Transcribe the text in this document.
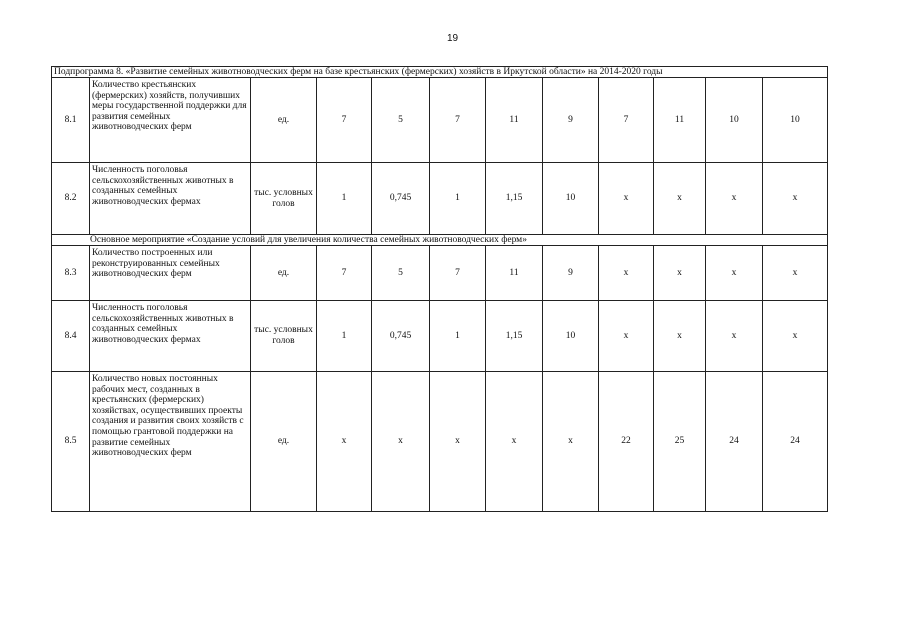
19
Подпрограмма 8. «Развитие семейных животноводческих ферм на базе крестьянских (фермерских) хозяйств в Иркутской области» на 2014-2020 годы											
8.1	Количество крестьянских (фермерских) хозяйств, получивших меры государственной поддержки для развития семейных животноводческих ферм	ед.	7	5	7	11	9	7	11	10	10
8.2	Численность поголовья сельскохозяйственных животных в созданных семейных животноводческих фермах	тыс. условных голов	1	0,745	1	1,15	10	x	x	x	x
Основное мероприятие «Создание условий для увеличения количества семейных животноводческих ферм»											
8.3	Количество построенных или реконструированных семейных животноводческих ферм	ед.	7	5	7	11	9	x	x	x	x
8.4	Численность поголовья сельскохозяйственных животных в созданных семейных животноводческих фермах	тыс. условных голов	1	0,745	1	1,15	10	x	x	x	x
8.5	Количество новых постоянных рабочих мест, созданных в крестьянских (фермерских) хозяйствах, осуществивших проекты создания и развития своих хозяйств с помощью грантовой поддержки на развитие семейных животноводческих ферм	ед.	x	x	x	x	x	22	25	24	24
